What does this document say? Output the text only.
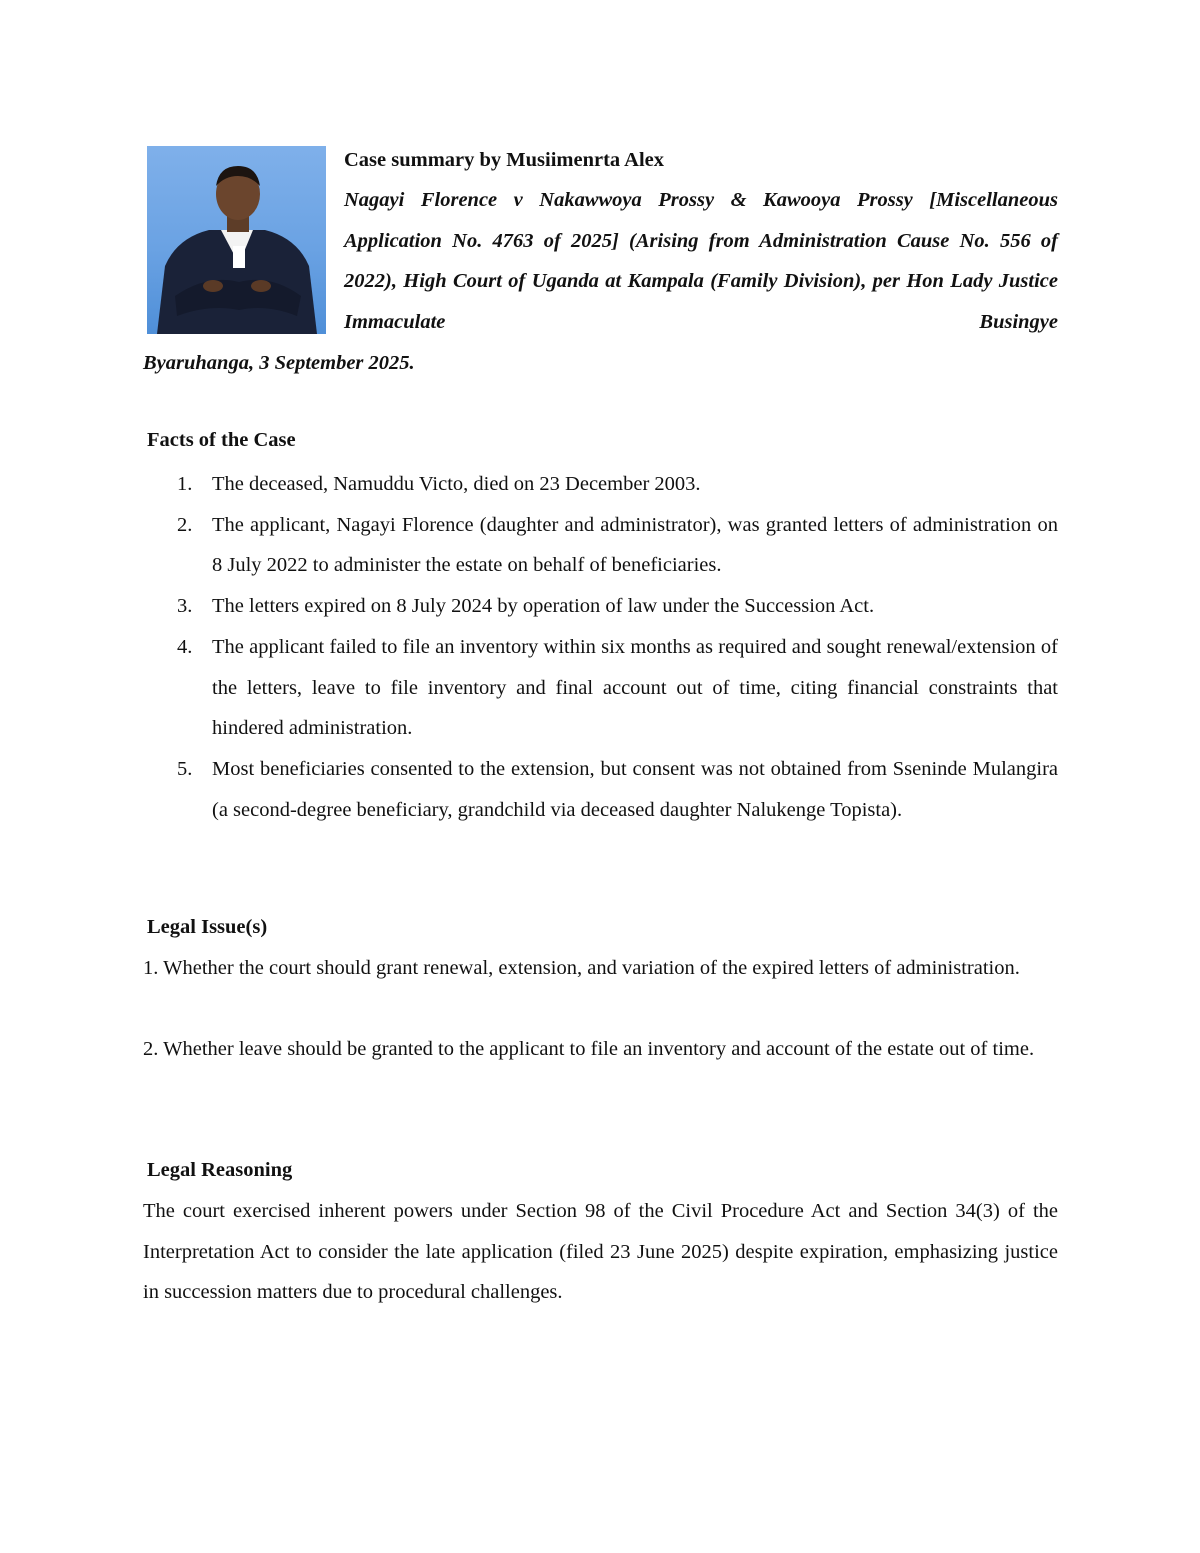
Case summary by Musiimenrta Alex

Nagayi Florence v Nakawwoya Prossy & Kawooya Prossy [Miscellaneous Application No. 4763 of 2025] (Arising from Administration Cause No. 556 of 2022), High Court of Uganda at Kampala (Family Division), per Hon Lady Justice Immaculate Busingye

Byaruhanga, 3 September 2025.

Facts of the Case

1. The deceased, Namuddu Victo, died on 23 December 2003.
2. The applicant, Nagayi Florence (daughter and administrator), was granted letters of administration on 8 July 2022 to administer the estate on behalf of beneficiaries.
3. The letters expired on 8 July 2024 by operation of law under the Succession Act.
4. The applicant failed to file an inventory within six months as required and sought renewal/extension of the letters, leave to file inventory and final account out of time, citing financial constraints that hindered administration.
5. Most beneficiaries consented to the extension, but consent was not obtained from Sseninde Mulangira (a second-degree beneficiary, grandchild via deceased daughter Nalukenge Topista).

Legal Issue(s)

1. Whether the court should grant renewal, extension, and variation of the expired letters of administration.

2. Whether leave should be granted to the applicant to file an inventory and account of the estate out of time.

Legal Reasoning

The court exercised inherent powers under Section 98 of the Civil Procedure Act and Section 34(3) of the Interpretation Act to consider the late application (filed 23 June 2025) despite expiration, emphasizing justice in succession matters due to procedural challenges.
